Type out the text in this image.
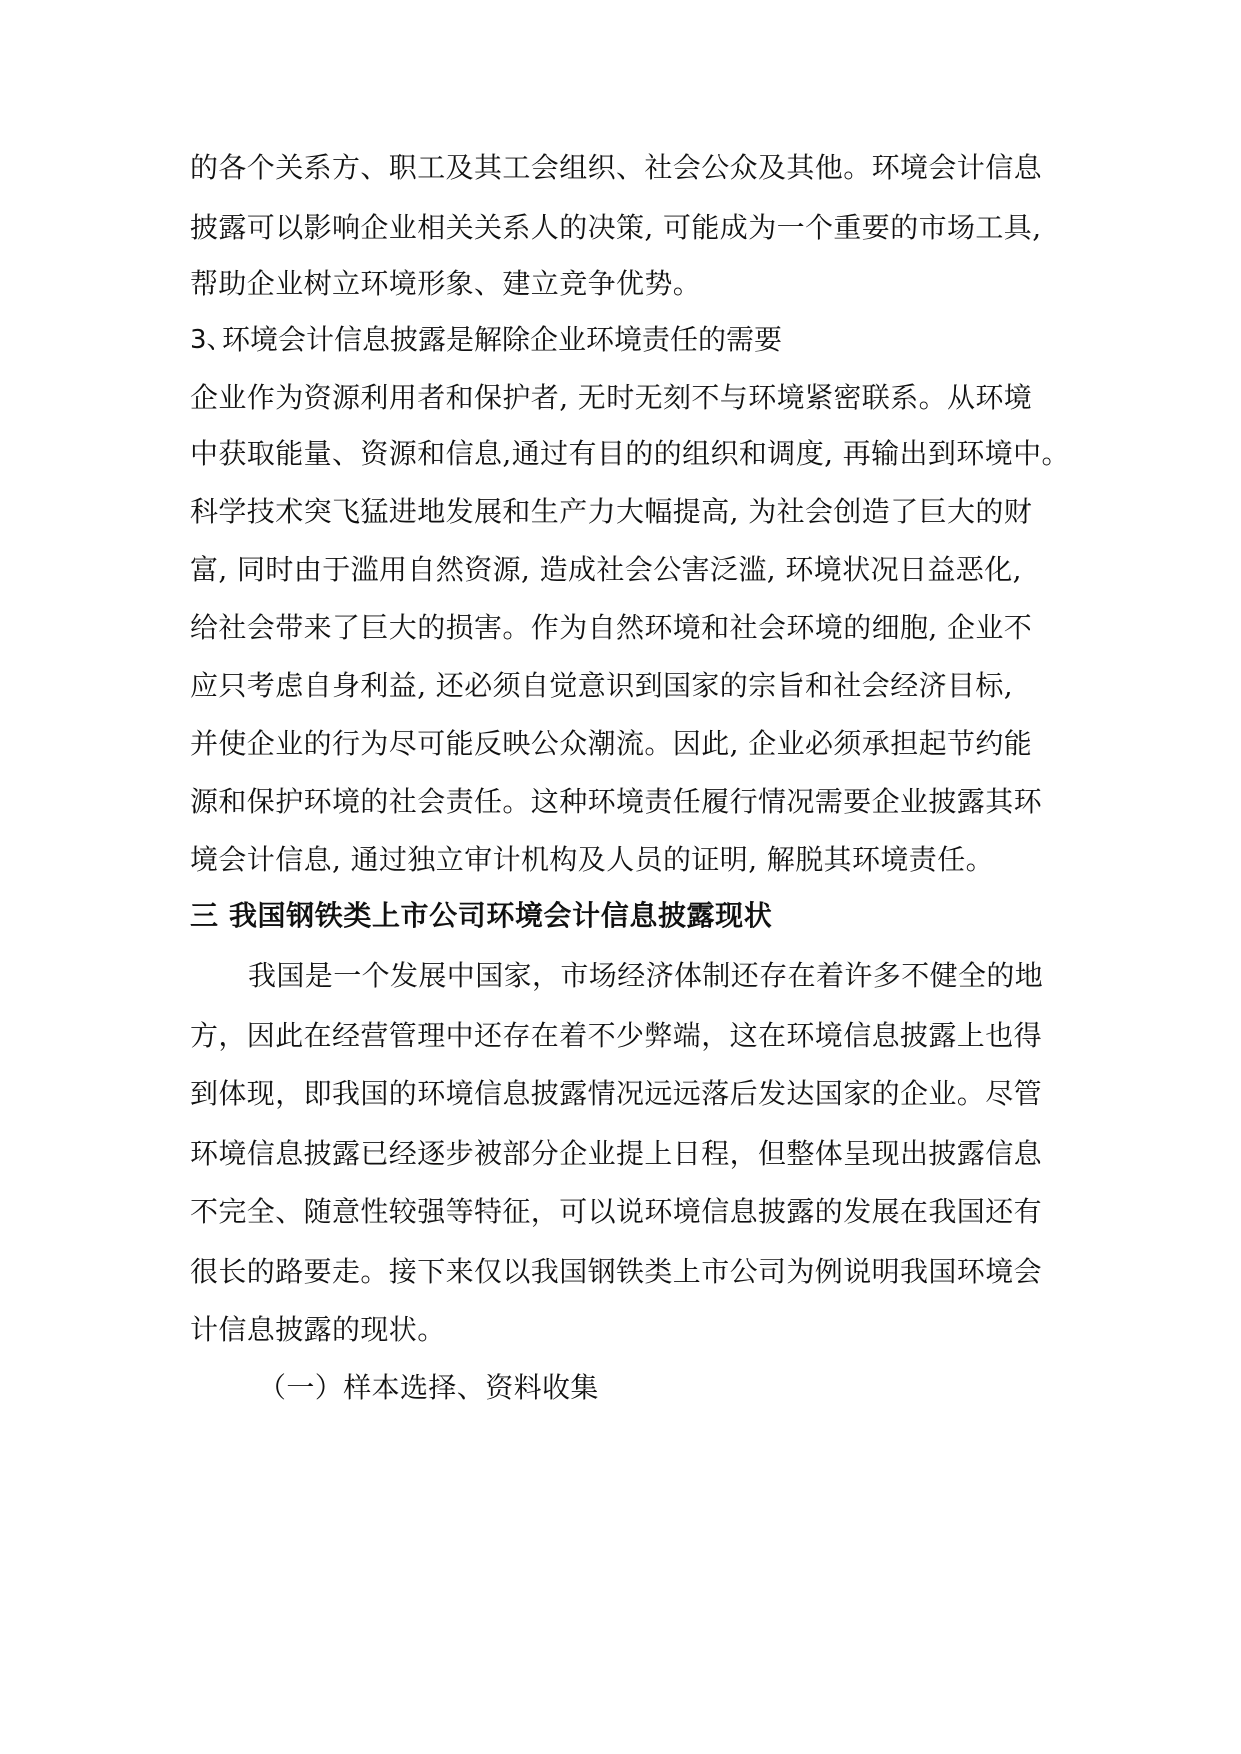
的各个关系方、职工及其工会组织、社会公众及其他。环境会计信息
披露可以影响企业相关关系人的决策, 可能成为一个重要的市场工具,
帮助企业树立环境形象、建立竞争优势。
3、
环境会计信息披露是解除企业环境责任的需要
企业作为资源利用者和保护者, 无时无刻不与环境紧密联系。从环境
中获取能量、资源和信息,通过有目的的组织和调度, 再输出到环境中。
科学技术突飞猛进地发展和生产力大幅提高, 为社会创造了巨大的财
富, 同时由于滥用自然资源, 造成社会公害泛滥, 环境状况日益恶化,
给社会带来了巨大的损害。作为自然环境和社会环境的细胞, 企业不
应只考虑自身利益, 还必须自觉意识到国家的宗旨和社会经济目标,
并使企业的行为尽可能反映公众潮流。因此, 企业必须承担起节约能
源和保护环境的社会责任。这种环境责任履行情况需要企业披露其环
境会计信息, 通过独立审计机构及人员的证明, 解脱其环境责任。
三 我国钢铁类上市公司环境会计信息披露现状
我国是一个发展中国家，市场经济体制还存在着许多不健全的地
方，因此在经营管理中还存在着不少弊端，这在环境信息披露上也得
到体现，即我国的环境信息披露情况远远落后发达国家的企业。尽管
环境信息披露已经逐步被部分企业提上日程，但整体呈现出披露信息
不完全、随意性较强等特征，可以说环境信息披露的发展在我国还有
很长的路要走。接下来仅以我国钢铁类上市公司为例说明我国环境会
计信息披露的现状。
（一）样本选择、资料收集
